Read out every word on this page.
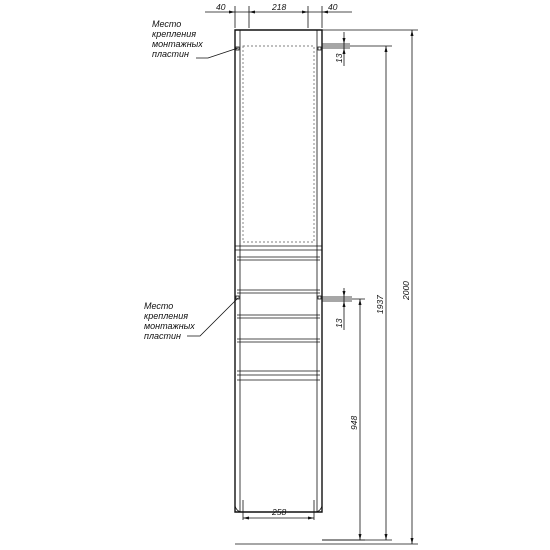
40	218	40
258
13
13
948
1937
2000
Место
крепления
монтажных
пластин
Место
крепления
монтажных
пластин
